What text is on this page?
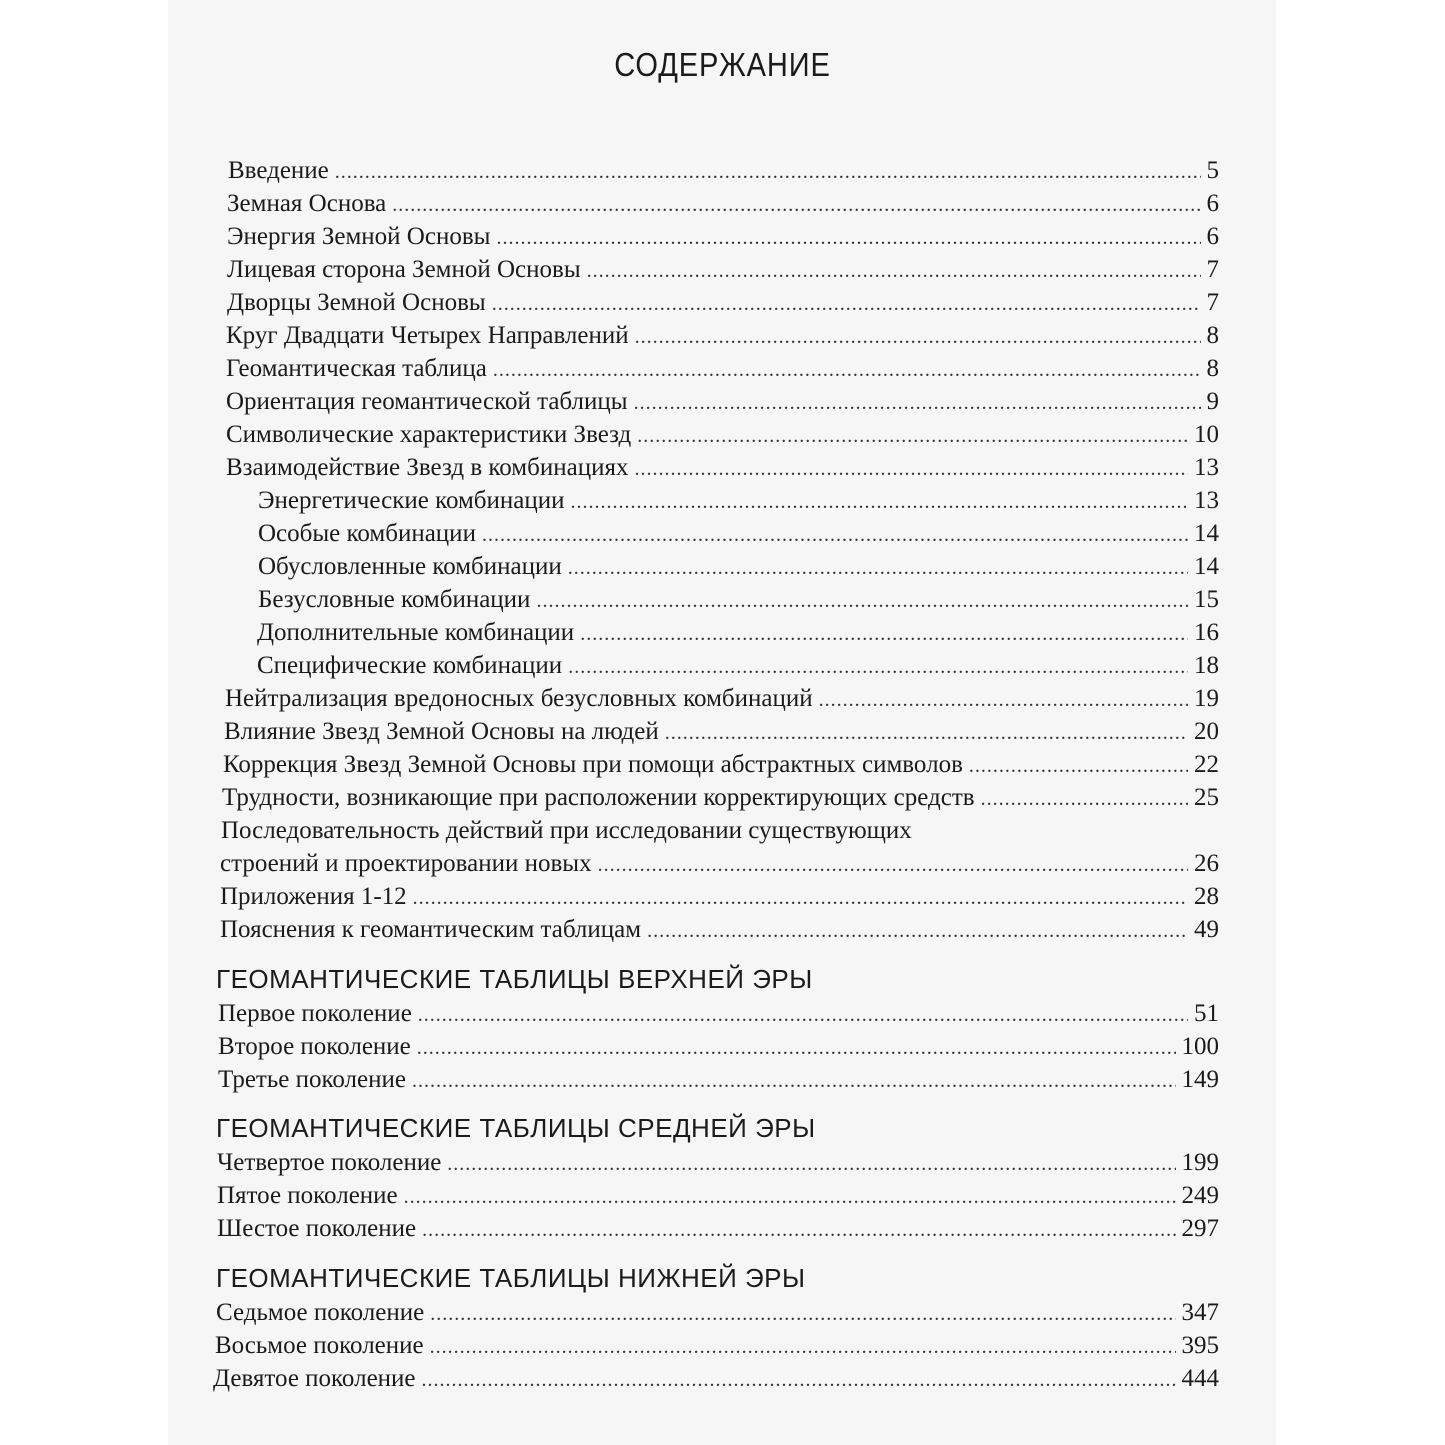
СОДЕРЖАНИЕ
Введение .....	5
Земная Основа .....	6
Энергия Земной Основы .....	6
Лицевая сторона Земной Основы .....	7
Дворцы Земной Основы .....	7
Круг Двадцати Четырех Направлений .....	8
Геомантическая таблица .....	8
Ориентация геомантической таблицы .....	9
Символические характеристики Звезд .....	10
Взаимодействие Звезд в комбинациях .....	13
Энергетические комбинации .....	13
Особые комбинации .....	14
Обусловленные комбинации .....	14
Безусловные комбинации .....	15
Дополнительные комбинации .....	16
Специфические комбинации .....	18
Нейтрализация вредоносных безусловных комбинаций .....	19
Влияние Звезд Земной Основы на людей .....	20
Коррекция Звезд Земной Основы при помощи абстрактных символов .....	22
Трудности, возникающие при расположении корректирующих средств .....	25
Последовательность действий при исследовании существующих
строений и проектировании новых .....	26
Приложения 1-12 .....	28
Пояснения к геомантическим таблицам .....	49
ГЕОМАНТИЧЕСКИЕ ТАБЛИЦЫ ВЕРХНЕЙ ЭРЫ
Первое поколение .....	51
Второе поколение .....	100
Третье поколение .....	149
ГЕОМАНТИЧЕСКИЕ ТАБЛИЦЫ СРЕДНЕЙ ЭРЫ
Четвертое поколение .....	199
Пятое поколение .....	249
Шестое поколение .....	297
ГЕОМАНТИЧЕСКИЕ ТАБЛИЦЫ НИЖНЕЙ ЭРЫ
Седьмое поколение .....	347
Восьмое поколение .....	395
Девятое поколение .....	444
